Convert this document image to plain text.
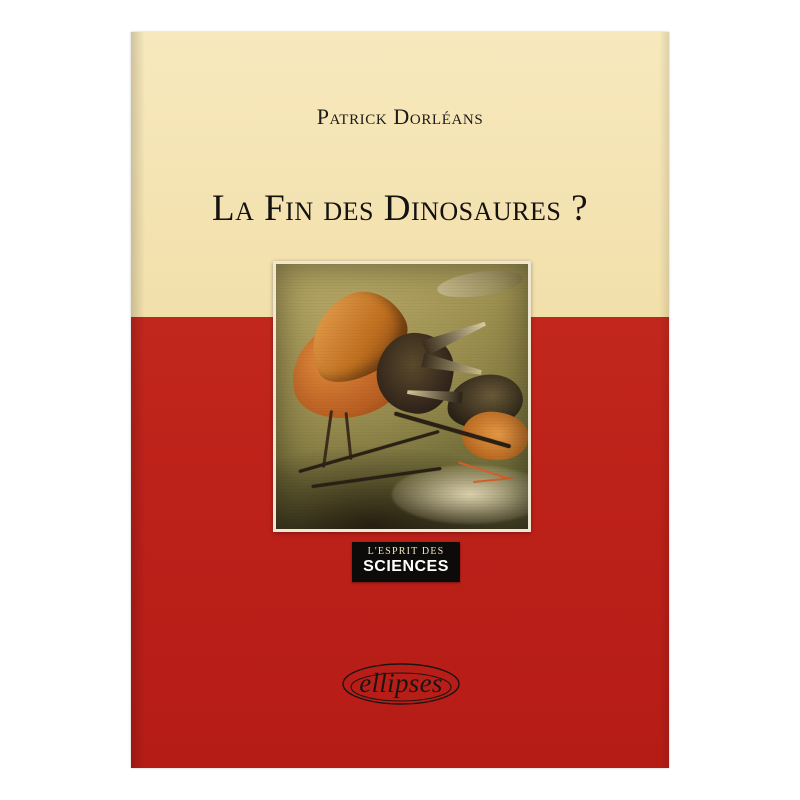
Patrick Dorléans
La Fin des Dinosaures ?
L'ESPRIT DES
SCIENCES
ellipses
